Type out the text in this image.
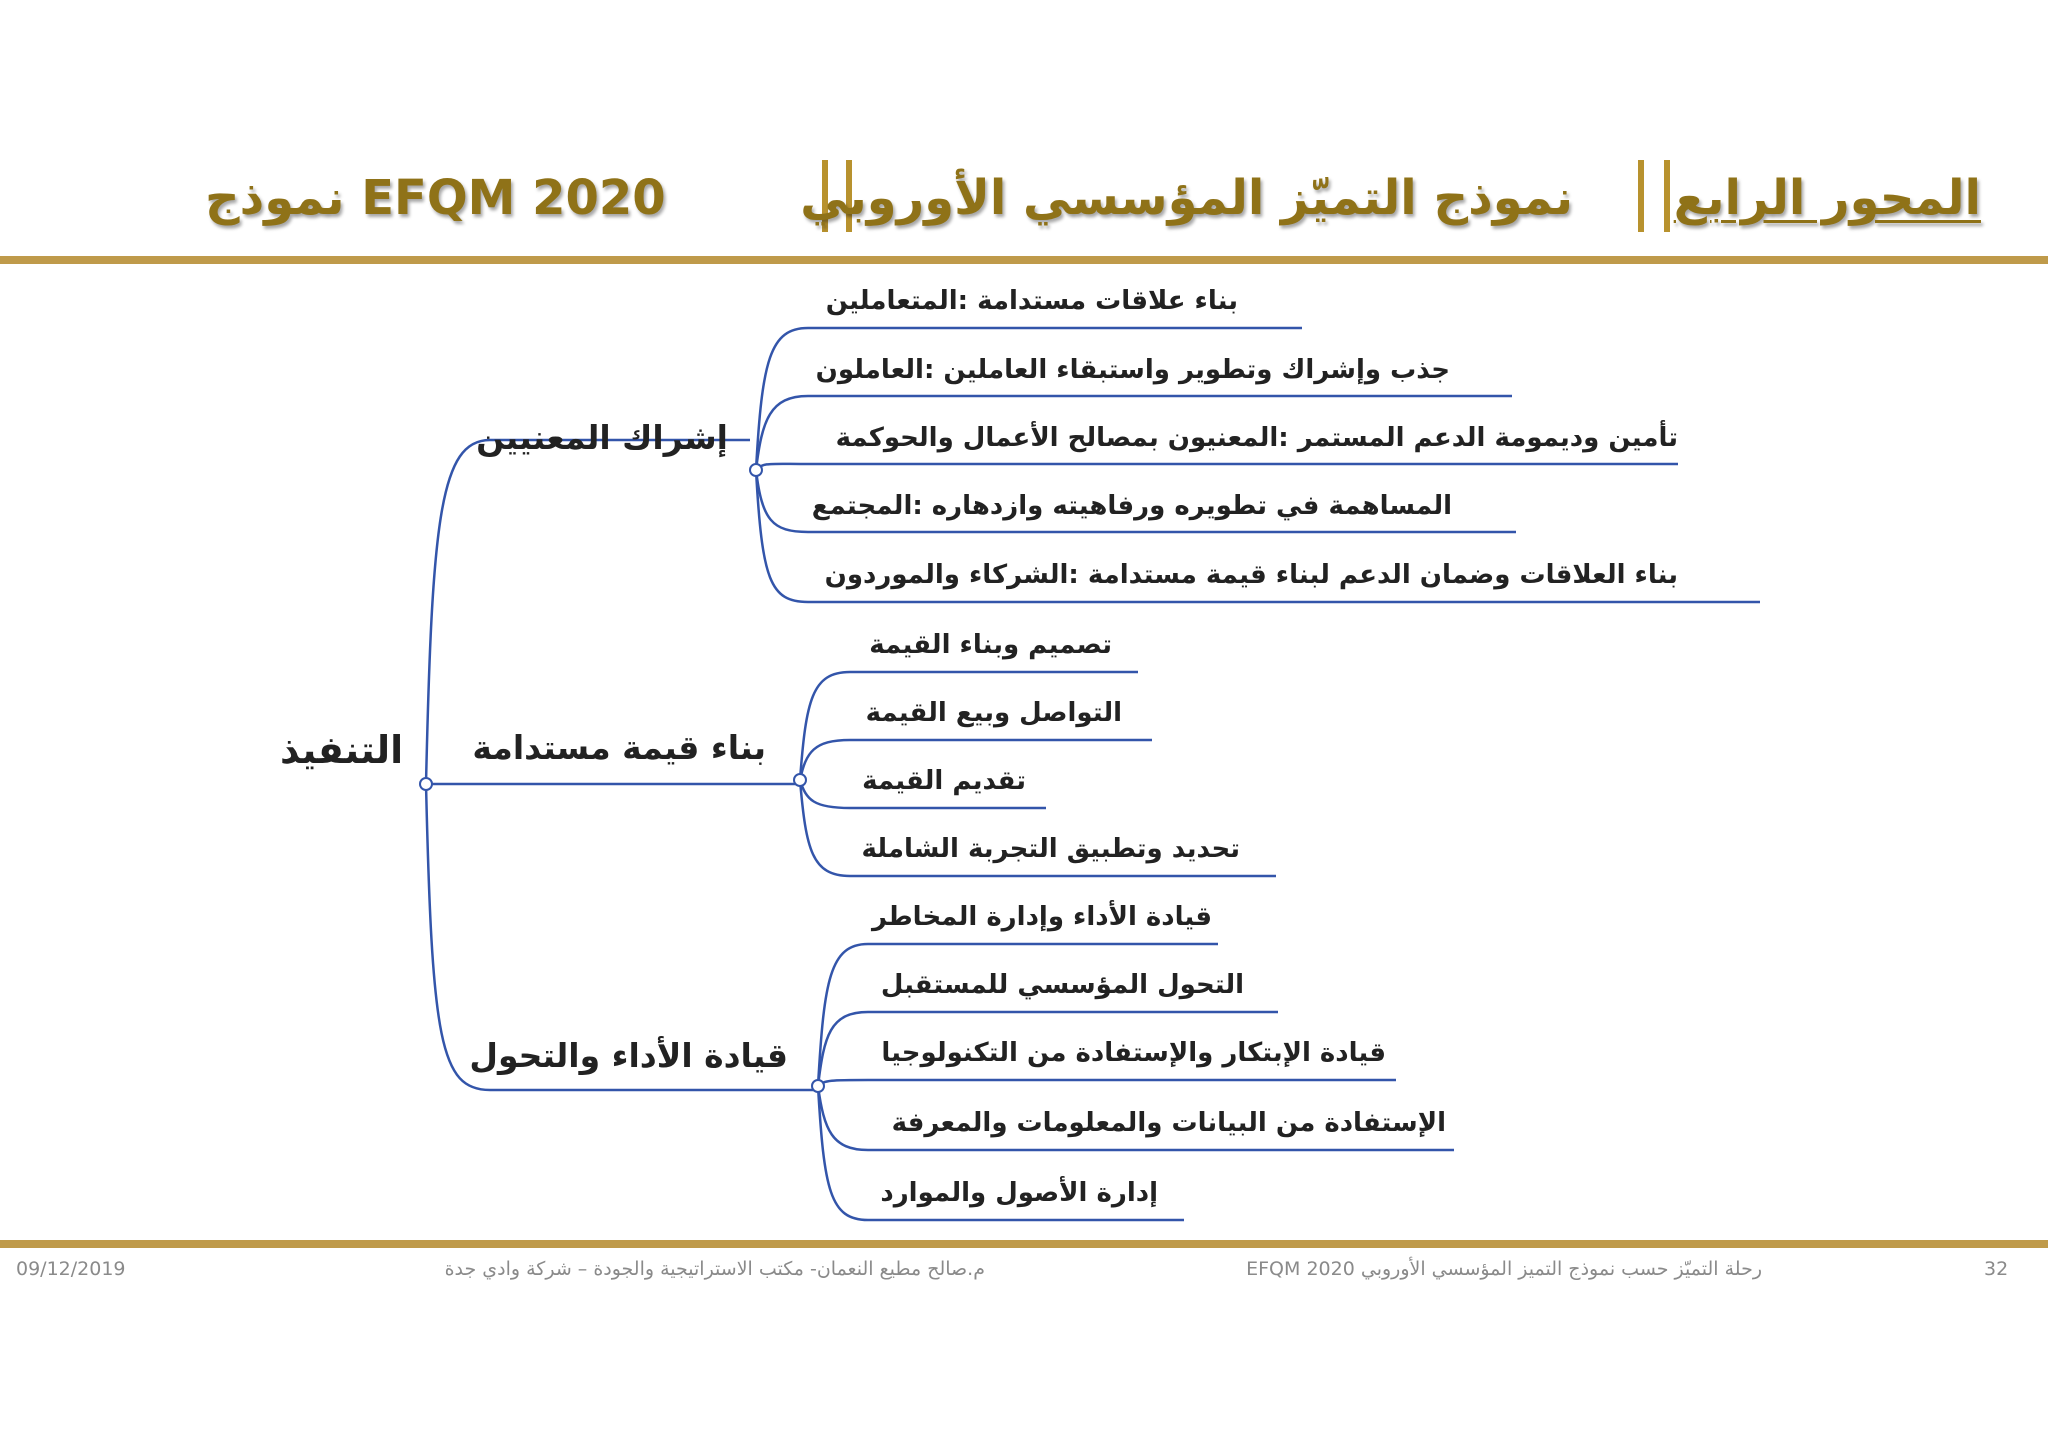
EFQM 2020 نموذج	نموذج التميّز المؤسسي الأوروبي المحور الرابع
التنفيذ
إشراك المعنيين
بناء قيمة مستدامة
قيادة الأداء والتحول
بناء علاقات مستدامة :المتعاملين
جذب وإشراك وتطوير واستبقاء العاملين :العاملون
تأمين وديمومة الدعم المستمر :المعنيون بمصالح الأعمال والحوكمة
المساهمة في تطويره ورفاهيته وازدهاره :المجتمع
بناء العلاقات وضمان الدعم لبناء قيمة مستدامة :الشركاء والموردون
تصميم وبناء القيمة
التواصل وبيع القيمة
تقديم القيمة
تحديد وتطبيق التجربة الشاملة
قيادة الأداء وإدارة المخاطر
التحول المؤسسي للمستقبل
قيادة الإبتكار والإستفادة من التكنولوجيا
الإستفادة من البيانات والمعلومات والمعرفة
إدارة الأصول والموارد
09/12/2019	م.صالح مطيع النعمان- مكتب الاستراتيجية والجودة – شركة وادي جدة	رحلة التميّز حسب نموذج التميز المؤسسي الأوروبي EFQM 2020	32
